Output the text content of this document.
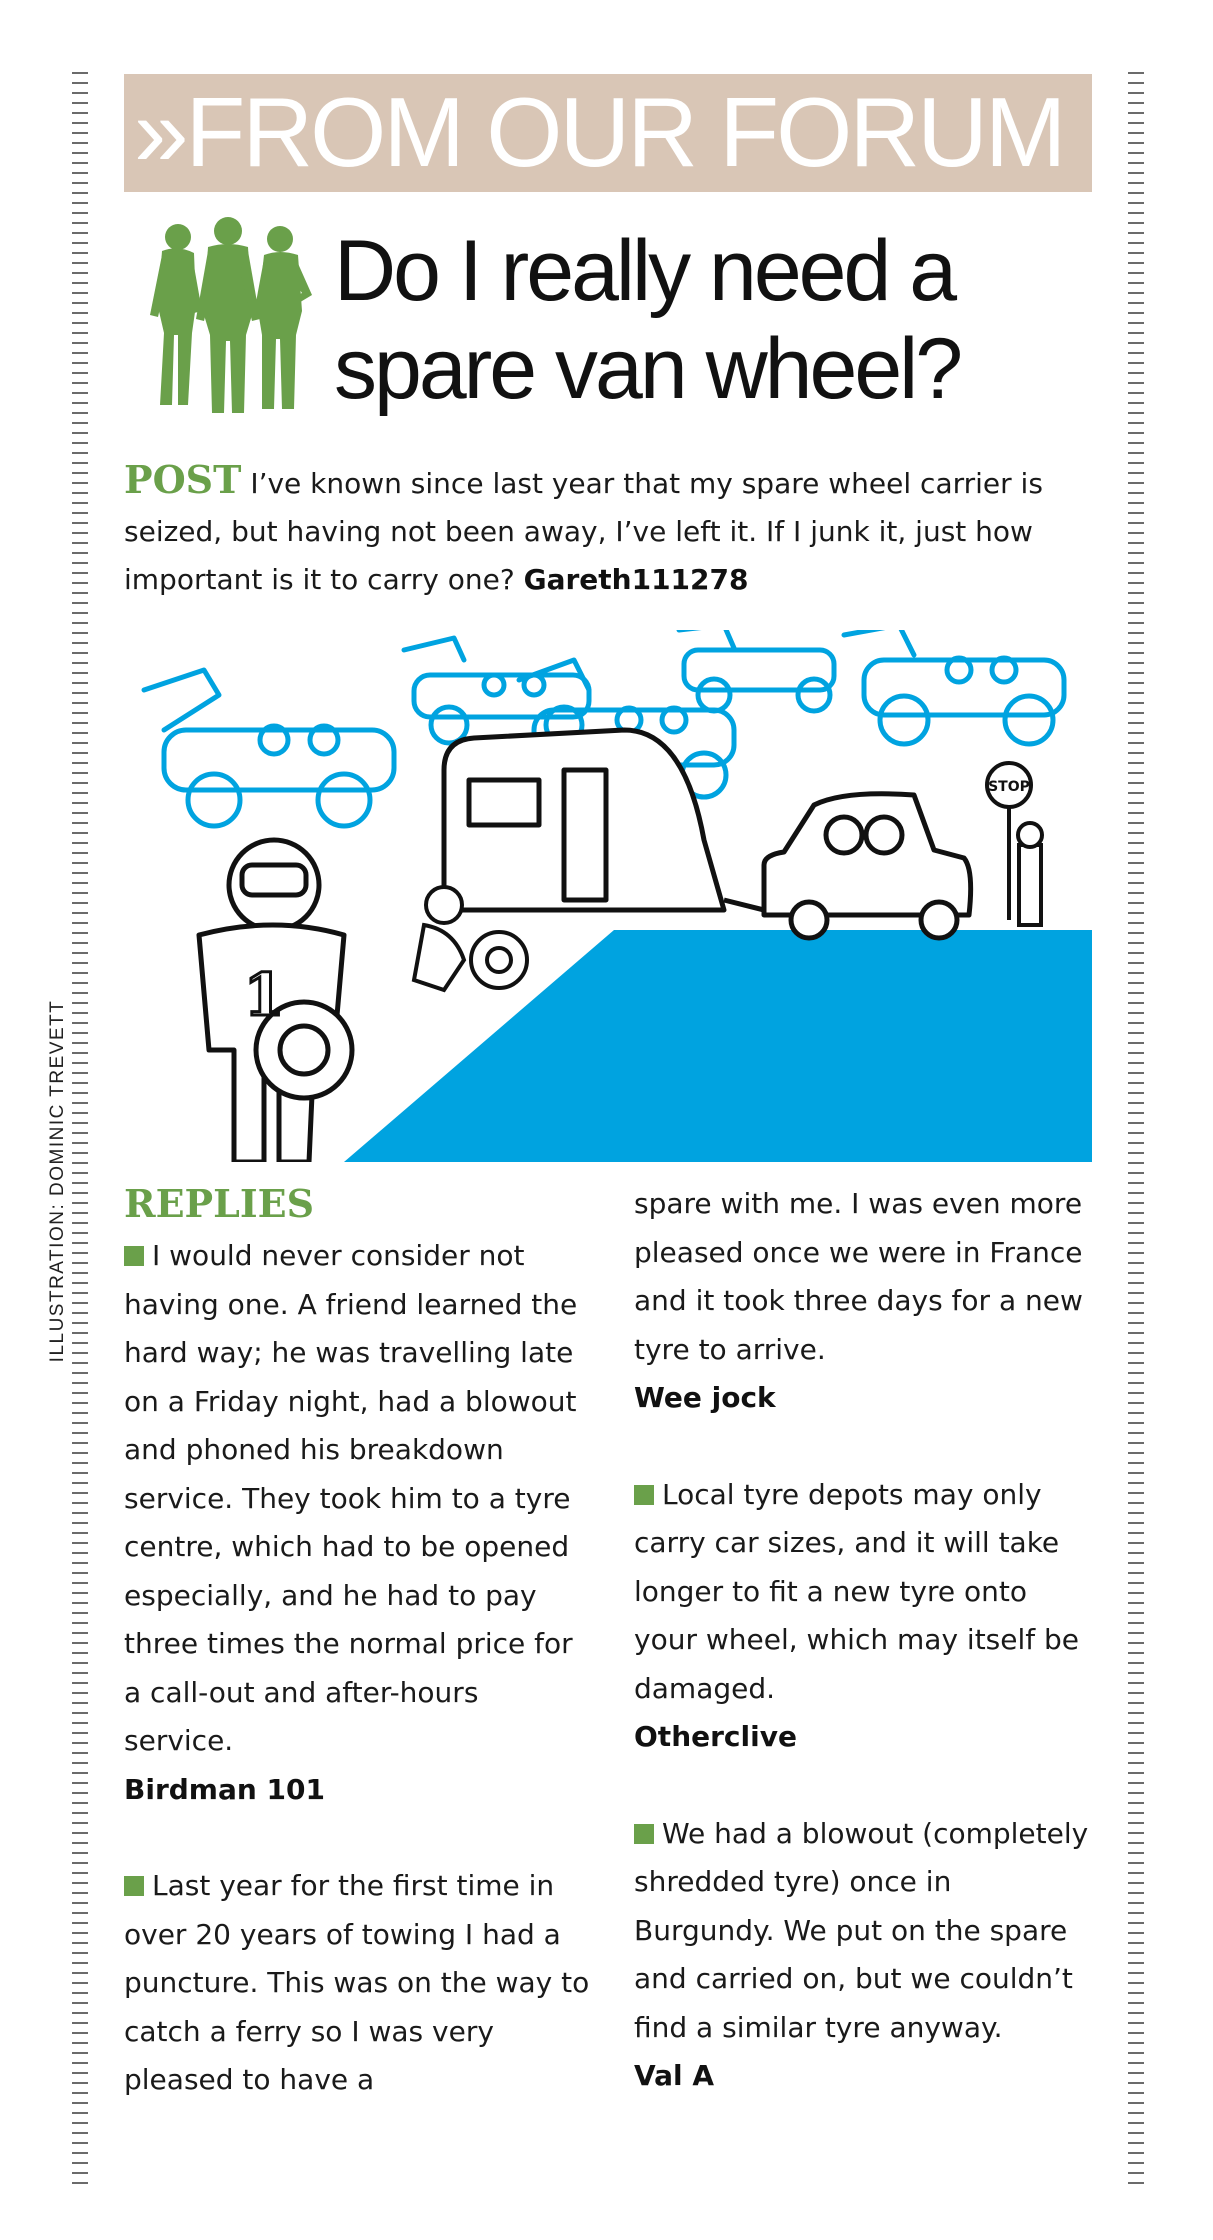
ILLUSTRATION: DOMINIC TREVETT
»FROM OUR FORUM
Do I really need a
spare van wheel?
POST I’ve known since last year that my spare wheel carrier is seized, but having not been away, I’ve left it. If I junk it, just how important is it to carry one? Gareth111278
STOP
1
REPLIES
I would never consider not having one. A friend learned the hard way; he was travelling late on a Friday night, had a blowout and phoned his breakdown service. They took him to a tyre centre, which had to be opened especially, and he had to pay three times the normal price for a call-out and after-hours service.
Birdman 101
Last year for the first time in over 20 years of towing I had a puncture. This was on the way to catch a ferry so I was very pleased to have a
spare with me. I was even more pleased once we were in France and it took three days for a new tyre to arrive.
Wee jock
Local tyre depots may only carry car sizes, and it will take longer to fit a new tyre onto your wheel, which may itself be damaged.
Otherclive
We had a blowout (completely shredded tyre) once in Burgundy. We put on the spare and carried on, but we couldn’t find a similar tyre anyway.
Val A
